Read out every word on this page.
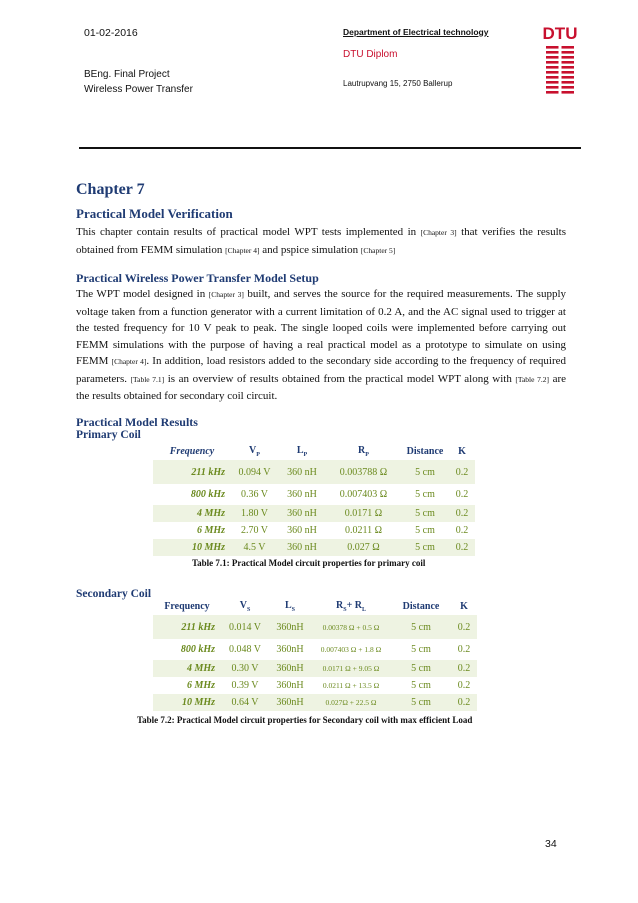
01-02-2016
BEng. Final Project
Wireless Power Transfer
Department of Electrical technology
DTU Diplom
Lautrupvang 15, 2750 Ballerup
DTU
Chapter 7
Practical Model Verification
This chapter contain results of practical model WPT tests implemented in [Chapter 3] that verifies the results obtained from FEMM simulation [Chapter 4] and pspice simulation [Chapter 5]
Practical Wireless Power Transfer Model Setup
The WPT model designed in [Chapter 3] built, and serves the source for the required measurements. The supply voltage taken from a function generator with a current limitation of 0.2 A, and the AC signal used to trigger at the tested frequency for 10 V peak to peak. The single looped coils were implemented before carrying out FEMM simulations with the purpose of having a real practical model as a prototype to simulate on using FEMM [Chapter 4]. In addition, load resistors added to the secondary side according to the frequency of required parameters. [Table 7.1] is an overview of results obtained from the practical model WPT along with [Table 7.2] are the results obtained for secondary coil circuit.
Practical Model Results
Primary Coil
Frequency	$V_P$	$L_P$	$R_P$	Distance	K
211 kHz	0.094 V	360 nH	0.003788 Ω	5 cm	0.2
800 kHz	0.36 V	360 nH	0.007403 Ω	5 cm	0.2
4 MHz	1.80 V	360 nH	0.0171 Ω	5 cm	0.2
6 MHz	2.70 V	360 nH	0.0211 Ω	5 cm	0.2
10 MHz	4.5 V	360 nH	0.027 Ω	5 cm	0.2
Table 7.1: Practical Model circuit properties for primary coil
Secondary Coil
Frequency	$V_S$	$L_S$	$R_S+ R_L$	Distance	K
211 kHz	0.014 V	360nH	0.00378 Ω + 0.5 Ω	5 cm	0.2
800 kHz	0.048 V	360nH	0.007403 Ω + 1.8 Ω	5 cm	0.2
4 MHz	0.30 V	360nH	0.0171 Ω + 9.05 Ω	5 cm	0.2
6 MHz	0.39 V	360nH	0.0211 Ω + 13.5 Ω	5 cm	0.2
10 MHz	0.64 V	360nH	0.027Ω + 22.5 Ω	5 cm	0.2
Table 7.2: Practical Model circuit properties for Secondary coil with max efficient Load
34
